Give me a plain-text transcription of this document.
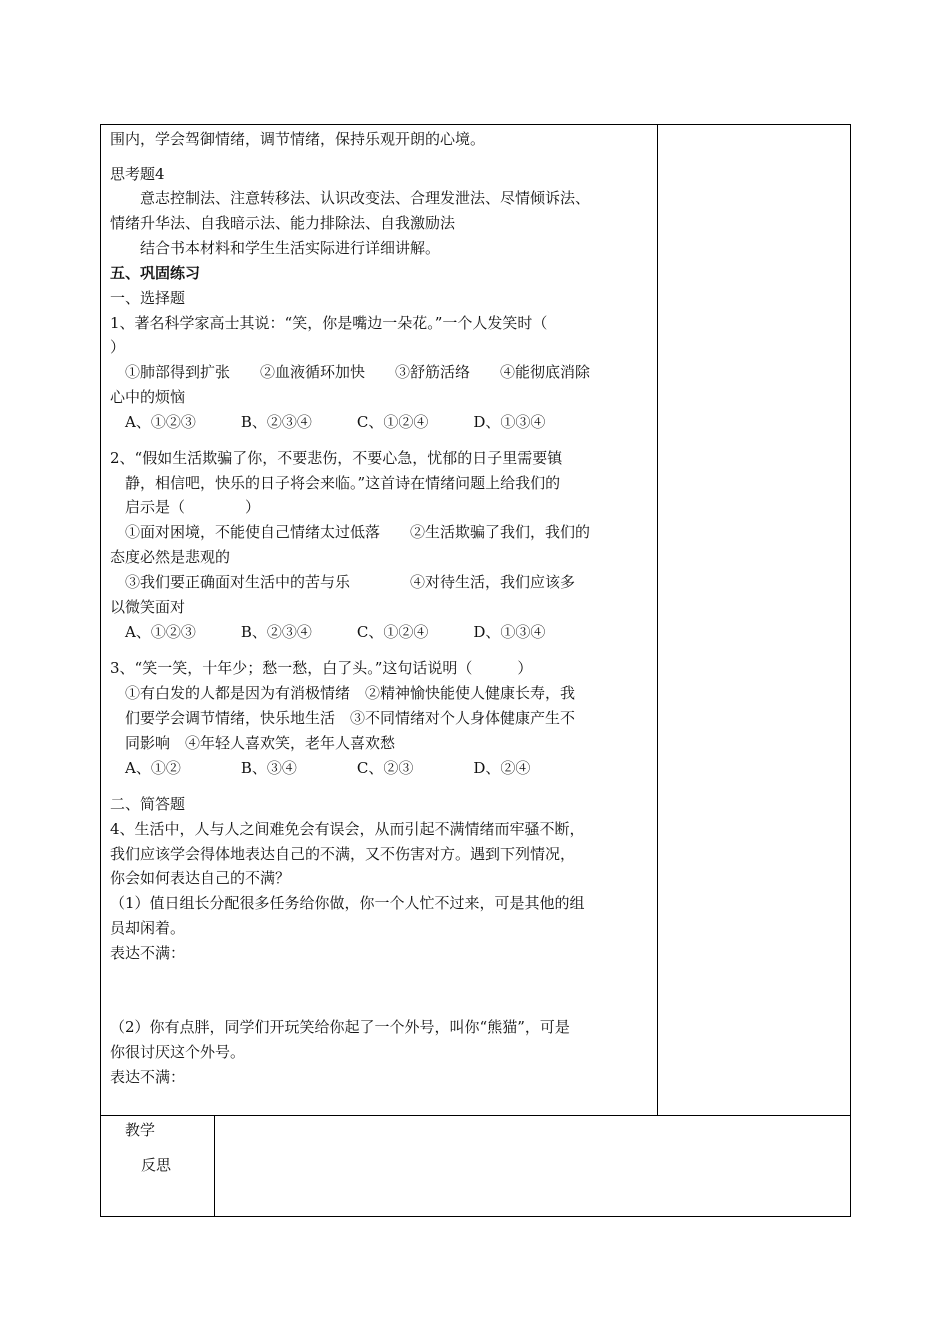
围内，学会驾御情绪，调节情绪，保持乐观开朗的心境。
思考题4
　　意志控制法、注意转移法、认识改变法、合理发泄法、尽情倾诉法、
情绪升华法、自我暗示法、能力排除法、自我激励法
　　结合书本材料和学生生活实际进行详细讲解。
五、巩固练习
一、选择题
1、著名科学家高士其说：“笑，你是嘴边一朵花。”一个人发笑时（
）
　①肺部得到扩张　　②血液循环加快　　③舒筋活络　　④能彻底消除
心中的烦恼
　A、①②③　　　B、②③④　　　C、①②④　　　D、①③④
2、“假如生活欺骗了你，不要悲伤，不要心急，忧郁的日子里需要镇
　静，相信吧，快乐的日子将会来临。”这首诗在情绪问题上给我们的
　启示是（　　　　）
　①面对困境，不能使自己情绪太过低落　　②生活欺骗了我们，我们的
态度必然是悲观的
　③我们要正确面对生活中的苦与乐　　　　④对待生活，我们应该多
以微笑面对
　A、①②③　　　B、②③④　　　C、①②④　　　D、①③④
3、“笑一笑，十年少；愁一愁，白了头。”这句话说明（　　　）
　①有白发的人都是因为有消极情绪　②精神愉快能使人健康长寿，我
　们要学会调节情绪，快乐地生活　③不同情绪对个人身体健康产生不
　同影响　④年轻人喜欢笑，老年人喜欢愁
　A、①②　　　　B、③④　　　　C、②③　　　　D、②④
二、简答题
4、生活中，人与人之间难免会有误会，从而引起不满情绪而牢骚不断，
我们应该学会得体地表达自己的不满，又不伤害对方。遇到下列情况，
你会如何表达自己的不满？
（1）值日组长分配很多任务给你做，你一个人忙不过来，可是其他的组
员却闲着。
表达不满：
（2）你有点胖，同学们开玩笑给你起了一个外号，叫你“熊猫”，可是
你很讨厌这个外号。
表达不满：
教学
反思
